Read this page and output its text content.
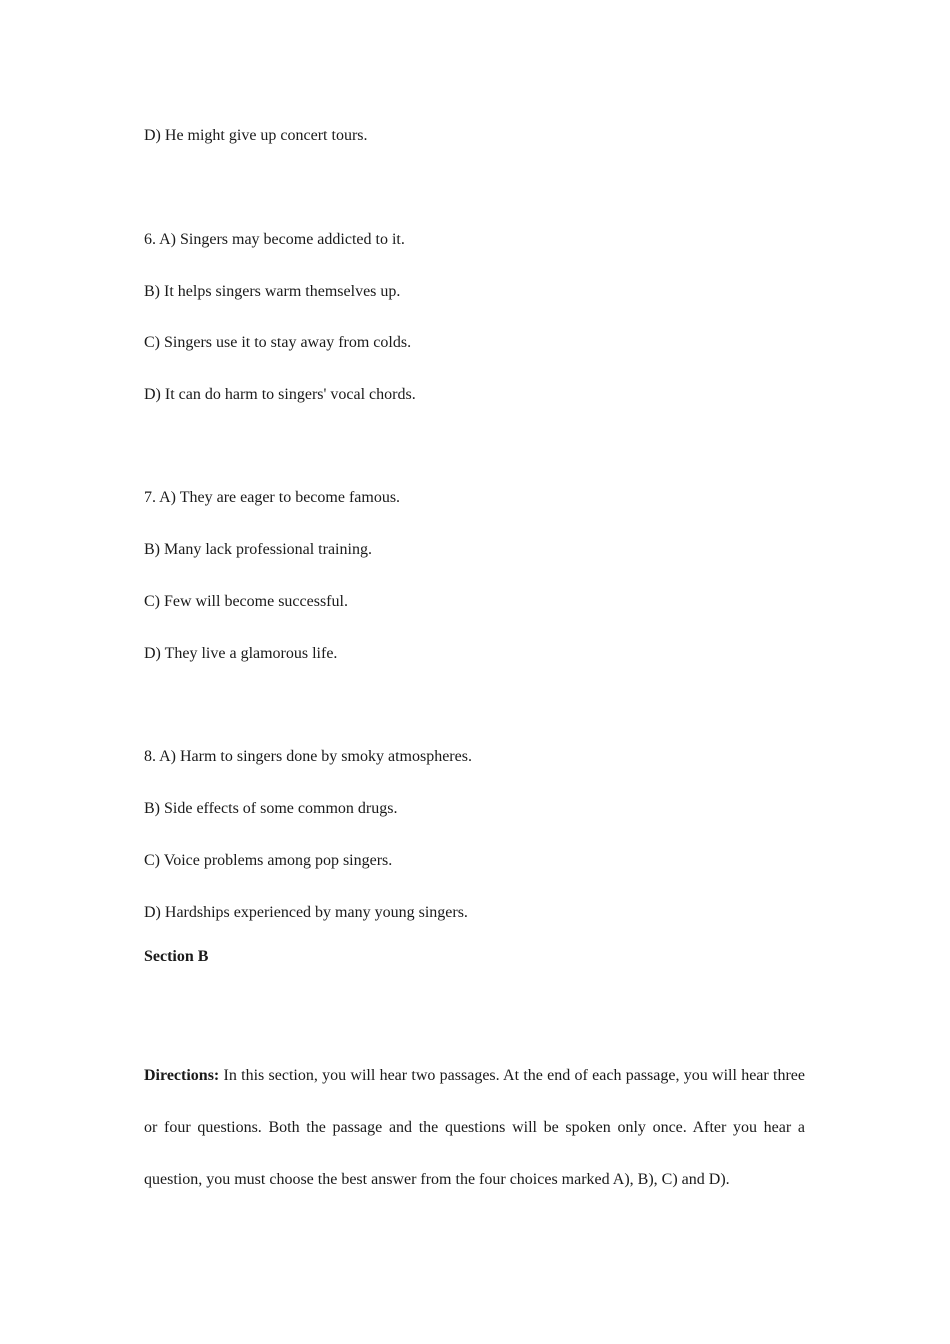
D) He might give up concert tours.
6. A) Singers may become addicted to it.
B) It helps singers warm themselves up.
C) Singers use it to stay away from colds.
D) It can do harm to singers' vocal chords.
7. A) They are eager to become famous.
B) Many lack professional training.
C) Few will become successful.
D) They live a glamorous life.
8. A) Harm to singers done by smoky atmospheres.
B) Side effects of some common drugs.
C) Voice problems among pop singers.
D) Hardships experienced by many young singers.
Section B
Directions: In this section, you will hear two passages. At the end of each passage, you will hear three or four questions. Both the passage and the questions will be spoken only once. After you hear a question, you must choose the best answer from the four choices marked A), B), C) and D).
